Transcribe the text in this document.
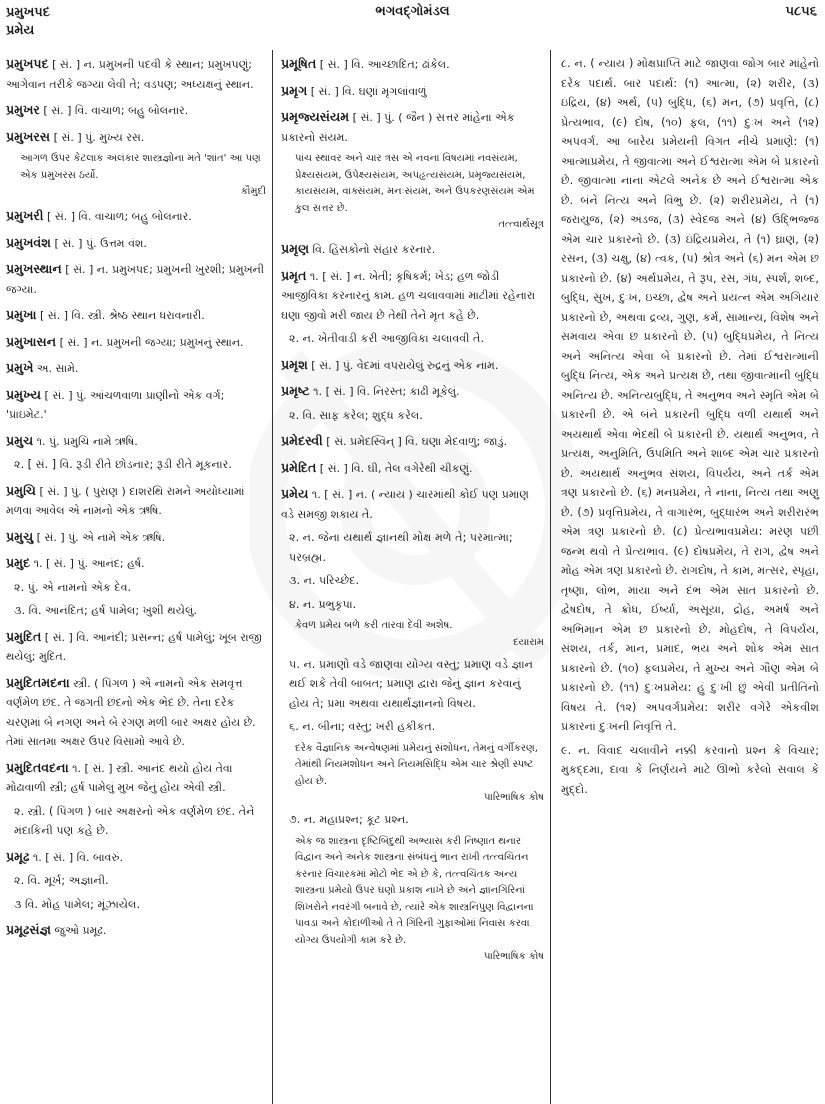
પ્રમુખપદ
પ્રમેય
ભગવદ્ગોમંડલ	૫૮૫૬
પ્રમુખપદ [ સં. ] ન. પ્રમુખની પદવી કે સ્થાન; પ્રમુખપણું; આગેવાન તરીકે જગ્યા લેવી તે; વડપણ; અધ્યક્ષનું સ્થાન.
પ્રમુખર [ સં. ] વિ. વાચાળ; બહુ બોલનાર.
પ્રમુખરસ [ સં. ] પું. મુખ્ય રસ.
આગળ ઉપર કેટલાક અલંકાર શાસ્ત્રજ્ઞોના મતે 'શાંત' આ પણ એક પ્રમુખરસ ઠર્યો.
કૌમુદી
પ્રમુખરી [ સં. ] વિ. વાચાળ; બહુ બોલનાર.
પ્રમુખવંશ [ સં. ] પું. ઉત્તમ વંશ.
પ્રમુખસ્થાન [ સં. ] ન. પ્રમુખપદ; પ્રમુખની ખુરશી; પ્રમુખની જગ્યા.
પ્રમુખા [ સં. ] વિ. સ્ત્રી. શ્રેષ્ઠ સ્થાન ધરાવનારી.
પ્રમુખાસન [ સં. ] ન. પ્રમુખની જગ્યા; પ્રમુખનું સ્થાન.
પ્રમુખે અ. સામે.
પ્રમુખ્ય [ સં. ] પું. આંચળવાળા પ્રાણીનો એક વર્ગ; 'પ્રાઇમેટ.'
પ્રમુચ ૧. પું. પ્રમુચિ નામે ઋષિ.
૨. [ સં. ] વિ. રૂડી રીતે છોડનાર; રૂડી રીતે મૂકનાર.
પ્રમુચિ [ સં. ] પું. ( પુરાણ ) દાશરથિ રામને અયોધ્યામાં મળવા આવેલ એ નામનો એક ઋષિ.
પ્રમુચુ [ સં. ] પું. એ નામે એક ઋષિ.
પ્રમુદ ૧. [ સં. ] પું. આનંદ; હર્ષ.
૨. પું. એ નામનો એક દેવ.
૩. વિ. આનંદિત; હર્ષ પામેલ; ખુશી થયેલું.
પ્રમુદિત [ સં. ] વિ. આનંદી; પ્રસન્ન; હર્ષ પામેલું; ખૂબ રાજી થયેલું; મુદિત.
પ્રમુદિતમદના સ્ત્રી. ( પિંગળ ) એ નામનો એક સમવૃત્ત વર્ણમેળ છંદ. તે જગતી છંદનો એક ભેદ છે. તેના દરેક ચરણમાં બે નગણ અને બે રગણ મળી બાર અક્ષર હોય છે. તેમાં સાતમા અક્ષર ઉપર વિસામો આવે છે.
પ્રમુદિતવદના ૧. [ સં. ] સ્ત્રી. આનંદ થયો હોય તેવા મોઢાવાળી સ્ત્રી; હર્ષ પામેલું મુખ જેનું હોય એવી સ્ત્રી.
૨. સ્ત્રી. ( પિંગળ ) બાર અક્ષરનો એક વર્ણમેળ છંદ. તેને મંદાકિની પણ કહે છે.
પ્રમૂઢ ૧. [ સં. ] વિ. બાવરું.
૨. વિ. મૂર્ખ; અજ્ઞાની.
૩ વિ. મોહ પામેલ; મૂંઝાયેલ.
પ્રમૂઢસંજ્ઞ જુઓ પ્રમૂઢ.
પ્રમૂષિત [ સં. ] વિ. આચ્છાદિત; ઢાંકેલ.
પ્રમૃગ [ સં. ] વિ. ઘણાં મૃગલાંવાળું
પ્રમૃજ્યસંયમ [ સં. ] પું. ( જૈન ) સત્તર માંહેના એક પ્રકારનો સંયમ.
પાંચ સ્થાવર અને ચાર ત્રસ એ નવના વિષયમાં નવસંયમ, પ્રેક્ષ્યસંયમ, ઉપેક્ષ્યસંયમ, અપહૃત્યસંયમ, પ્રમૃજ્યસંયમ, કાયસંયમ, વાક્સંયમ, મનઃસંયમ, અને ઉપકરણસંયમ એમ કુલ સત્તર છે.
તત્ત્વાર્થસૂત્ર
પ્રમૃણ વિ. હિંસકોનો સંહાર કરનાર.
પ્રમૃત ૧. [ સં. ] ન. ખેતી; કૃષિકર્મ; ખેડ; હળ જોડી આજીવિકા કરનારનું કામ. હળ ચલાવવામાં માટીમાં રહેનારા ઘણા જીવો મરી જાય છે તેથી તેને મૃત કહે છે.
૨. ન. ખેતીવાડી કરી આજીવિકા ચલાવવી તે.
પ્રમૃશ [ સં. ] પું. વેદમાં વપરાયેલું રુદ્રનું એક નામ.
પ્રમૃષ્ટ ૧. [ સં. ] વિ. નિરસ્ત; કાઢી મૂકેલું.
૨. વિ. સાફ કરેલ; શુદ્ધ કરેલ.
પ્રમેદસ્વી [ સં. પ્રમેદસ્વિન્ ] વિ. ઘણા મેદવાળું; જાડું.
પ્રમેદિત [ સં. ] વિ. ઘી, તેલ વગેરેથી ચીકણું.
પ્રમેય ૧. [ સં. ] ન. ( ન્યાય ) ચારમાંથી કોઈ પણ પ્રમાણ વડે સમજી શકાય તે.
૨. ન. જેના યથાર્થ જ્ઞાનથી મોક્ષ મળે તે; પરમાત્મા; પરબ્રહ્મ.
૩. ન. પરિચ્છેદ.
૪. ન. પ્રભુકૃપા.
કેવળ પ્રમેય બળે કરી તારવા દેવી અશેષ.
દયારામ
૫. ન. પ્રમાણો વડે જાણવા યોગ્ય વસ્તુ; પ્રમાણ વડે જ્ઞાન થઈ શકે તેવી બાબત; પ્રમાણ દ્વારા જેનું જ્ઞાન કરવાનું હોય તે; પ્રમા અથવા યથાર્થજ્ઞાનનો વિષય.
૬. ન. બીના; વસ્તુ; ખરી હકીકત.
દરેક વૈજ્ઞાનિક અન્વેષણમાં પ્રમેયનું સંશોધન, તેમનું વર્ગીકરણ, તેમાંથી નિયમશોધન અને નિયમસિદ્ધિ એમ ચાર શ્રેણી સ્પષ્ટ હોય છે.
પારિભાષિક કોષ
૭. ન. મહાપ્રશ્ન; કૂટ પ્રશ્ન.
એક જ શાસ્ત્રના દૃષ્ટિબિંદુથી અભ્યાસ કરી નિષ્ણાત થનાર વિદ્વાન અને અનેક શાસ્ત્રના સંબંધનું ભાન રાખી તત્ત્વચિંતન કરનાર વિચારકમાં મોટો ભેદ એ છે કે, તત્ત્વચિંતક અન્ય શાસ્ત્રના પ્રમેયો ઉપર ઘણો પ્રકાશ નાખે છે અને જ્ઞાનગિરિનાં શિખરોને નવરંગી બનાવે છે, ત્યારે એક શાસ્ત્રનિપુણ વિદ્વાનના પાવડા અને કોદાળીઓ તે તે ગિરિની ગુફાઓમાં નિવાસ કરવા યોગ્ય ઉપયોગી કામ કરે છે.
પારિભાષિક કોષ
૮. ન. ( ન્યાય ) મોક્ષપ્રાપ્તિ માટે જાણવા જોગ બાર માંહેનો દરેક પદાર્થ. બાર પદાર્થ: (૧) આત્મા, (૨) શરીર, (૩) ઇંદ્રિય, (૪) અર્થ, (૫) બુદ્ધિ, (૬) મન, (૭) પ્રવૃત્તિ, (૮) પ્રેત્યભાવ, (૯) દોષ, (૧૦) ફલ, (૧૧) દુઃખ અને (૧૨) અપવર્ગ. આ બારેય પ્રમેયની વિગત નીચે પ્રમાણે: (૧) આત્માપ્રમેય, તે જીવાત્મા અને ઈશ્વરાત્મા એમ બે પ્રકારનો છે. જીવાત્મા નાના એટલે અનેક છે અને ઈશ્વરાત્મા એક છે. બંને નિત્ય અને વિભુ છે. (૨) શરીરપ્રમેય, તે (૧) જરાયુજ, (૨) અંડજ, (૩) સ્વેદજ અને (૪) ઉદ્ભિજ્જ એમ ચાર પ્રકારનો છે. (૩) ઇંદ્રિયપ્રમેય, તે (૧) ઘ્રાણ, (૨) રસન, (૩) ચક્ષુ, (૪) ત્વક, (૫) શ્રોત્ર અને (૬) મન એમ છ પ્રકારનો છે. (૪) અર્થપ્રમેય, તે રૂપ, રસ, ગંધ, સ્પર્શ, શબ્દ, બુદ્ધિ, સુખ, દુઃખ, ઇચ્છા, દ્વેષ અને પ્રયત્ન એમ અગિયાર પ્રકારનો છે, અથવા દ્રવ્ય, ગુણ, કર્મ, સામાન્ય, વિશેષ અને સમવાય એવા છ પ્રકારનો છે. (૫) બુદ્ધિપ્રમેય, તે નિત્ય અને અનિત્ય એવા બે પ્રકારનો છે. તેમાં ઈશ્વરાત્માની બુદ્ધિ નિત્ય, એક અને પ્રત્યક્ષ છે, તથા જીવાત્માની બુદ્ધિ અનિત્ય છે. અનિત્યબુદ્ધિ, તે અનુભવ અને સ્મૃતિ એમ બે પ્રકારની છે. એ બંને પ્રકારની બુદ્ધિ વળી યથાર્થ અને અયથાર્થ એવા ભેદથી બે પ્રકારની છે. યથાર્થ અનુભવ, તે પ્રત્યક્ષ, અનુમિતિ, ઉપમિતિ અને શાબ્દ એમ ચાર પ્રકારનો છે. અયથાર્થ અનુભવ સંશય, વિપર્યય, અને તર્ક એમ ત્રણ પ્રકારનો છે. (૬) મનપ્રમેય, તે નાના, નિત્ય તથા અણુ છે. (૭) પ્રવૃત્તિપ્રમેય, તે વાગારંભ, બુદ્ધારંભ અને શરીરારંભ એમ ત્રણ પ્રકારનો છે. (૮) પ્રેત્યભાવપ્રમેય: મરણ પછી જન્મ થવો તે પ્રેત્યભાવ. (૯) દોષપ્રમેય, તે રાગ, દ્વેષ અને મોહ એમ ત્રણ પ્રકારનો છે. રાગદોષ, તે કામ, મત્સર, સ્પૃહા, તૃષ્ણા, લોભ, માયા અને દંભ એમ સાત પ્રકારનો છે. દ્વેષદોષ, તે ક્રોધ, ઈર્ષ્યા, અસૂયા, દ્રોહ, અમર્ષ અને અભિમાન એમ છ પ્રકારનો છે. મોહદોષ, તે વિપર્યય, સંશય, તર્ક, માન, પ્રમાદ, ભય અને શોક એમ સાત પ્રકારનો છે. (૧૦) ફલપ્રમેય, તે મુખ્ય અને ગૌણ એમ બે પ્રકારનો છે. (૧૧) દુઃખપ્રમેય: હું દુઃખી છું એવી પ્રતીતિનો વિષય તે. (૧૨) અપવર્ગપ્રમેય: શરીર વગેરે એકવીશ પ્રકારનાં દુઃખની નિવૃત્તિ તે.
૯. ન. વિવાદ ચલાવીને નક્કી કરવાનો પ્રશ્ન કે વિચાર; મુકદ્દમા, દાવા કે નિર્ણયને માટે ઊભો કરેલો સવાલ કે મુદ્દો.
